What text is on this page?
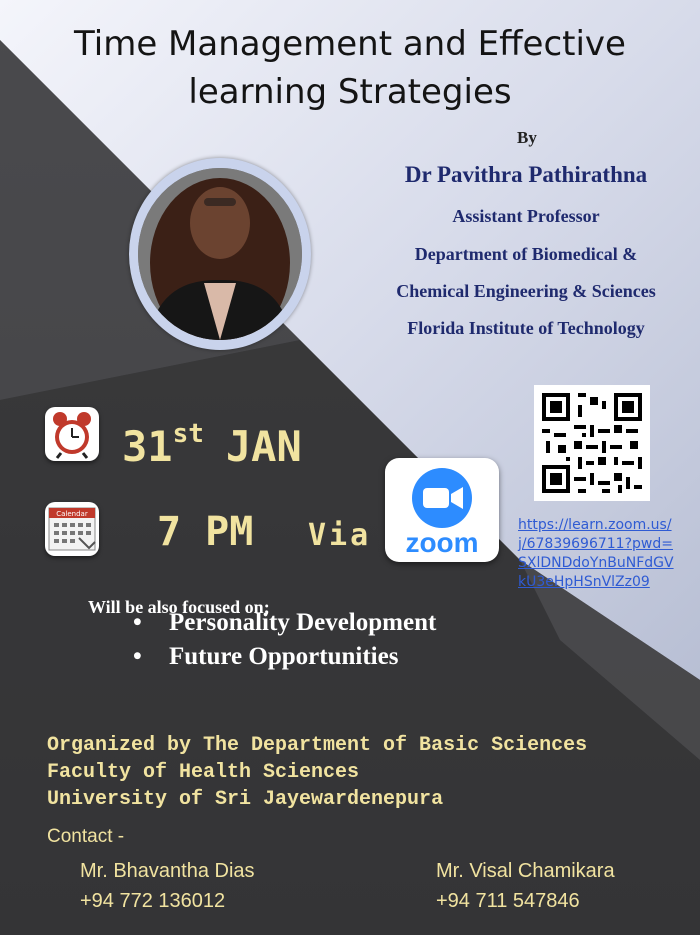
Time Management and Effective
learning Strategies
By
Dr Pavithra Pathirathna
Assistant Professor
Department of Biomedical &
Chemical Engineering & Sciences
Florida Institute of Technology
31st JAN
Calendar 7 PM Via	zoom
https://learn.zoom.us/j/67839696711?pwd=SXlDNDdoYnBuNFdGVkU3eHpHSnVlZz09
Will be also focused on;
• Personality Development
• Future Opportunities
Organized by The Department of Basic Sciences
Faculty of Health Sciences
University of Sri Jayewardenepura
Contact -
Mr. Bhavantha Dias
+94 772 136012
Mr. Visal Chamikara
+94 711 547846
